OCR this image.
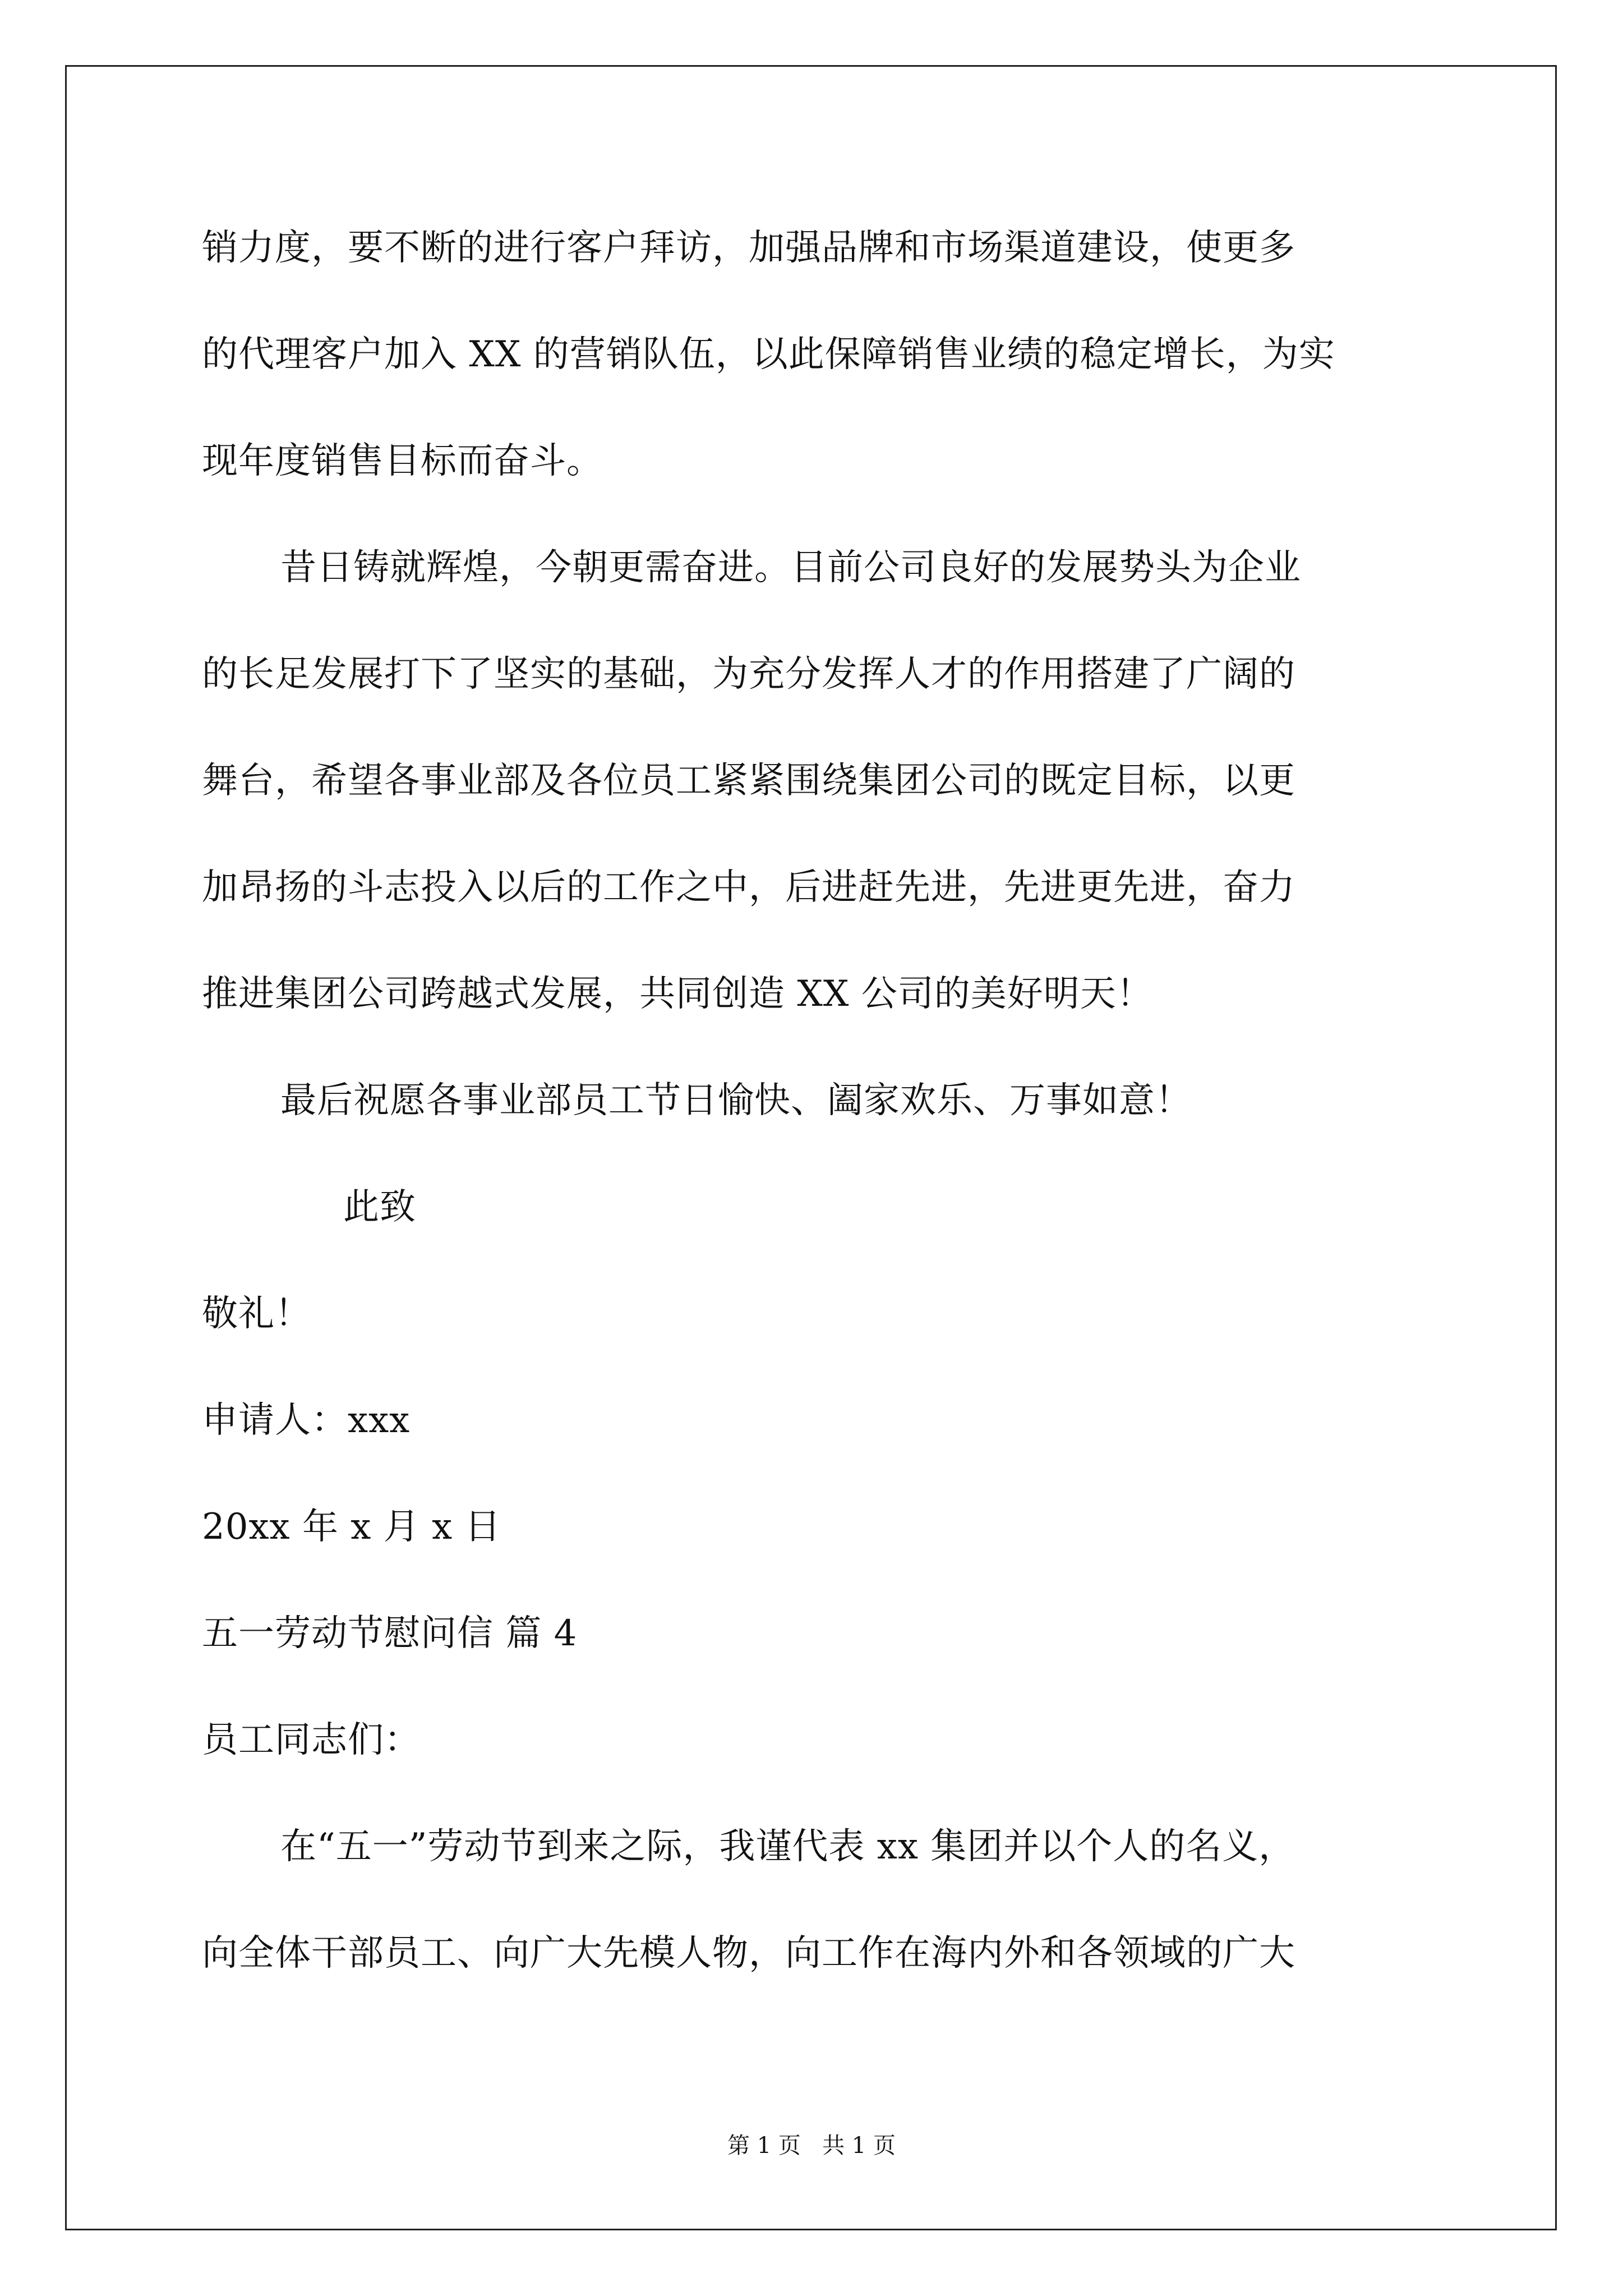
销力度，要不断的进行客户拜访，加强品牌和市场渠道建设，使更多
的代理客户加入 XX 的营销队伍，以此保障销售业绩的稳定增长，为实
现年度销售目标而奋斗。
昔日铸就辉煌，今朝更需奋进。目前公司良好的发展势头为企业
的长足发展打下了坚实的基础，为充分发挥人才的作用搭建了广阔的
舞台，希望各事业部及各位员工紧紧围绕集团公司的既定目标，以更
加昂扬的斗志投入以后的工作之中，后进赶先进，先进更先进，奋力
推进集团公司跨越式发展，共同创造 XX 公司的美好明天！
最后祝愿各事业部员工节日愉快、阖家欢乐、万事如意！
此致
敬礼！
申请人：xxx
20xx 年 x 月 x 日
五一劳动节慰问信 篇 4
员工同志们：
在“五一”劳动节到来之际，我谨代表 xx 集团并以个人的名义，
向全体干部员工、向广大先模人物，向工作在海内外和各领域的广大
第 1 页   共 1 页
